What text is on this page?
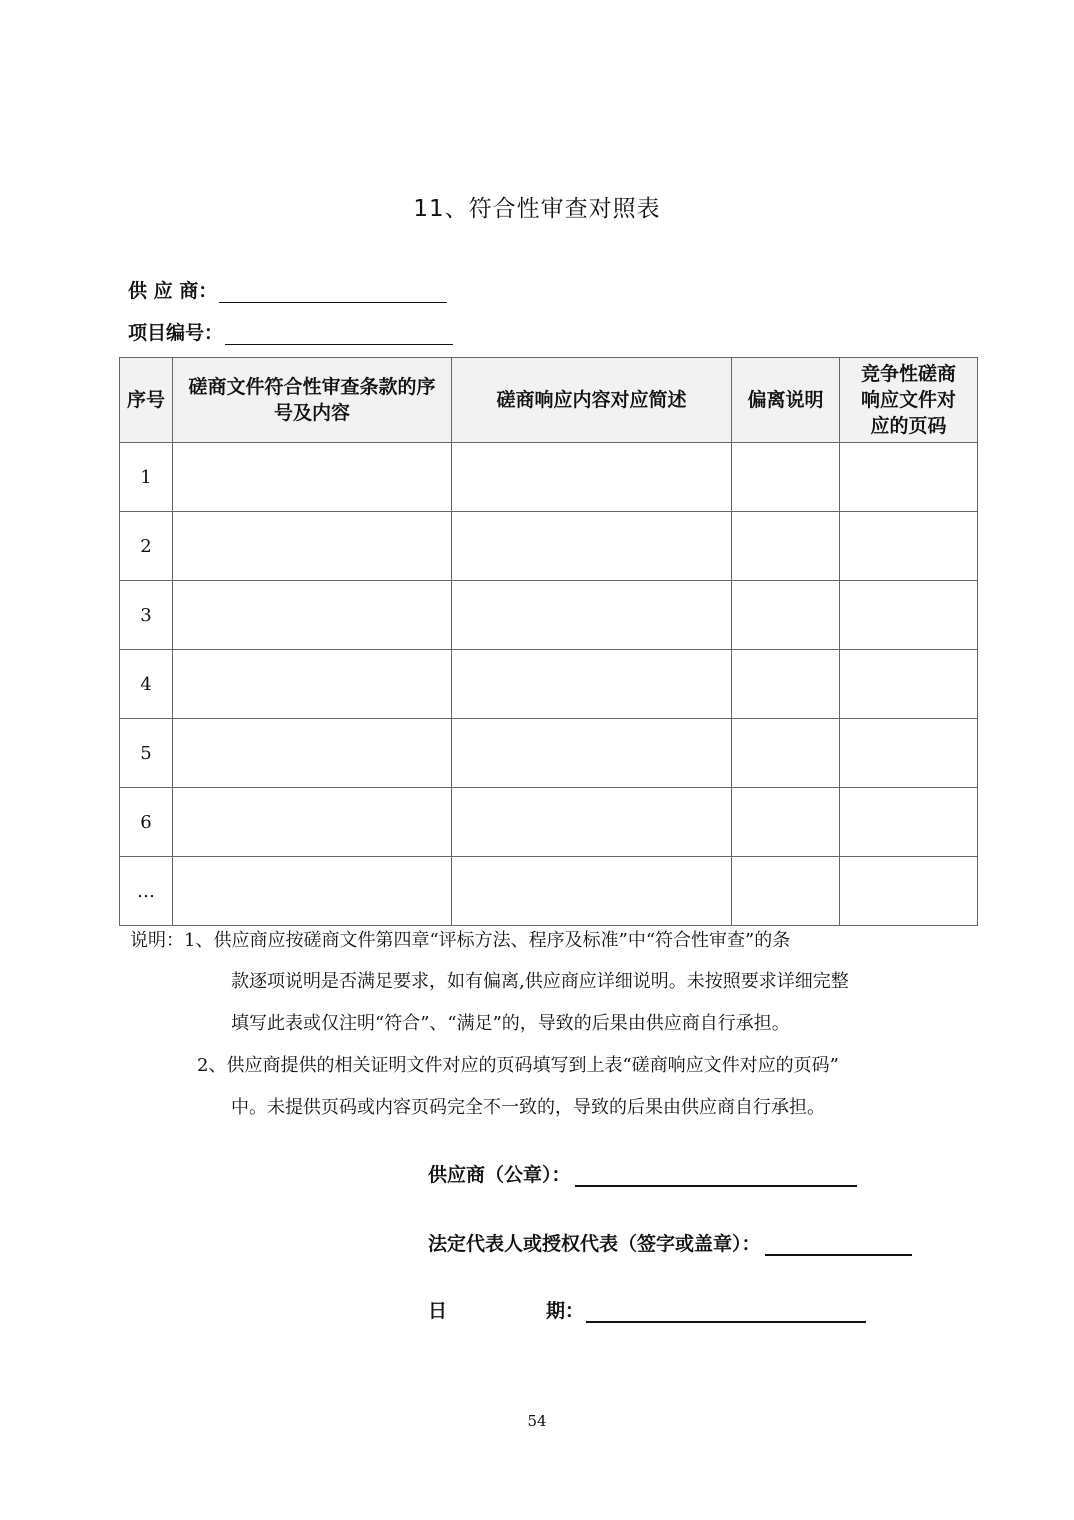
11、符合性审查对照表
供 应 商：
项目编号：
序号	磋商文件符合性审查条款的序号及内容	磋商响应内容对应简述	偏离说明	竞争性磋商响应文件对应的页码
1				
2				
3				
4				
5				
6				
…				
说明：1、供应商应按磋商文件第四章“评标方法、程序及标准”中“符合性审查”的条
款逐项说明是否满足要求，如有偏离,供应商应详细说明。未按照要求详细完整
填写此表或仅注明“符合”、“满足”的，导致的后果由供应商自行承担。
2、供应商提供的相关证明文件对应的页码填写到上表“磋商响应文件对应的页码”
中。未提供页码或内容页码完全不一致的，导致的后果由供应商自行承担。
供应商（公章）：
法定代表人或授权代表（签字或盖章）：
日	期：
54
